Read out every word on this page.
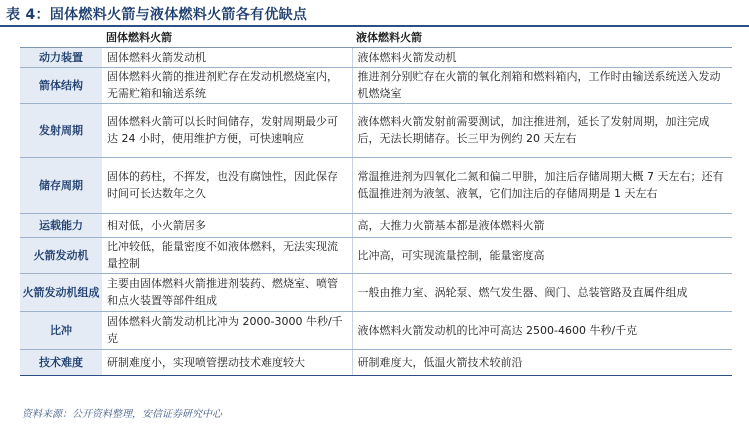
表 4：固体燃料火箭与液体燃料火箭各有优缺点
	固体燃料火箭	液体燃料火箭
动力装置	固体燃料火箭发动机	液体燃料火箭发动机
箭体结构	固体燃料火箭的推进剂贮存在发动机燃烧室内，无需贮箱和输送系统	推进剂分别贮存在火箭的氧化剂箱和燃料箱内，工作时由输送系统送入发动机燃烧室
发射周期	固体燃料火箭可以长时间储存，发射周期最少可达 24 小时，使用维护方便，可快速响应	液体燃料火箭发射前需要测试，加注推进剂，延长了发射周期，加注完成后，无法长期储存。长三甲为例约 20 天左右
储存周期	固体的药柱，不挥发，也没有腐蚀性，因此保存时间可长达数年之久	常温推进剂为四氧化二氮和偏二甲肼，加注后存储周期大概 7 天左右；还有低温推进剂为液氢、液氧，它们加注后的存储周期是 1 天左右
运载能力	相对低，小火箭居多	高，大推力火箭基本都是液体燃料火箭
火箭发动机	比冲较低，能量密度不如液体燃料，无法实现流量控制	比冲高，可实现流量控制，能量密度高
火箭发动机组成	主要由固体燃料火箭推进剂装药、燃烧室、喷管和点火装置等部件组成	一般由推力室、涡轮泵、燃气发生器、阀门、总装管路及直属件组成
比冲	固体燃料火箭发动机比冲为 2000-3000 牛秒/千克	液体燃料火箭发动机的比冲可高达 2500-4600 牛秒/千克
技术难度	研制难度小，实现喷管摆动技术难度较大	研制难度大，低温火箭技术较前沿
资料来源：公开资料整理，安信证券研究中心
